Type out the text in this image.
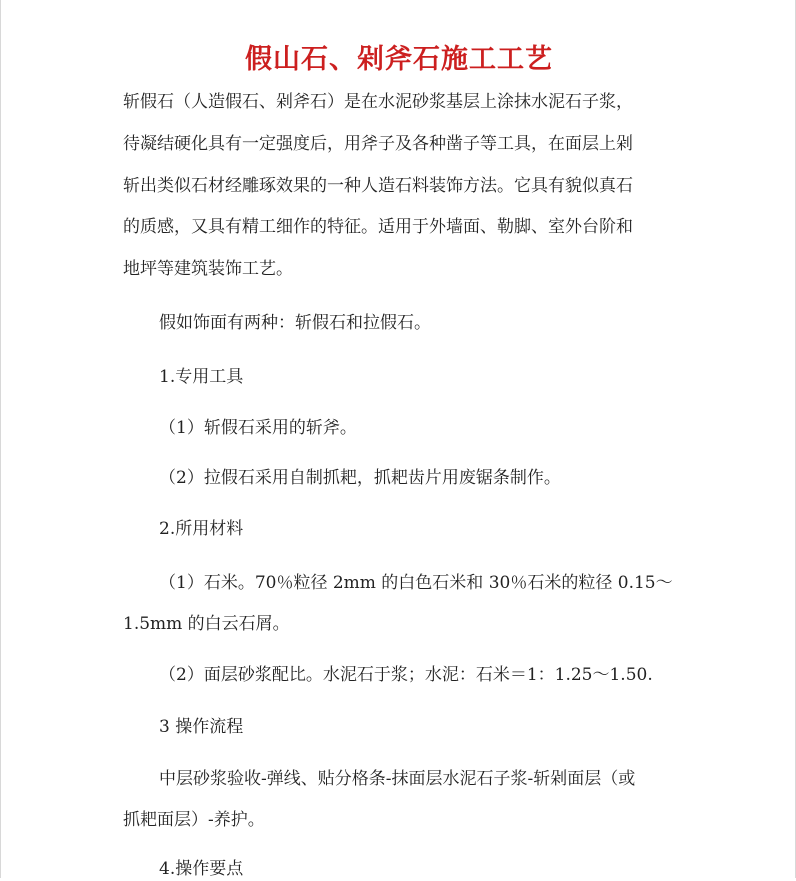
假山石、剁斧石施工工艺
斩假石（人造假石、剁斧石）是在水泥砂浆基层上涂抹水泥石子浆，
待凝结硬化具有一定强度后，用斧子及各种凿子等工具，在面层上剁
斩出类似石材经雕琢效果的一种人造石料装饰方法。它具有貌似真石
的质感，又具有精工细作的特征。适用于外墙面、勒脚、室外台阶和
地坪等建筑装饰工艺。
假如饰面有两种：斩假石和拉假石。
1.专用工具
（1）斩假石采用的斩斧。
（2）拉假石采用自制抓耙，抓耙齿片用废锯条制作。
2.所用材料
（1）石米。70％粒径 2mm 的白色石米和 30％石米的粒径 0.15～
1.5mm 的白云石屑。
（2）面层砂浆配比。水泥石于浆；水泥：石米＝1：1.25～1.50.
3 操作流程
中层砂浆验收-弹线、贴分格条-抹面层水泥石子浆-斩剁面层（或
抓耙面层）-养护。
4.操作要点
